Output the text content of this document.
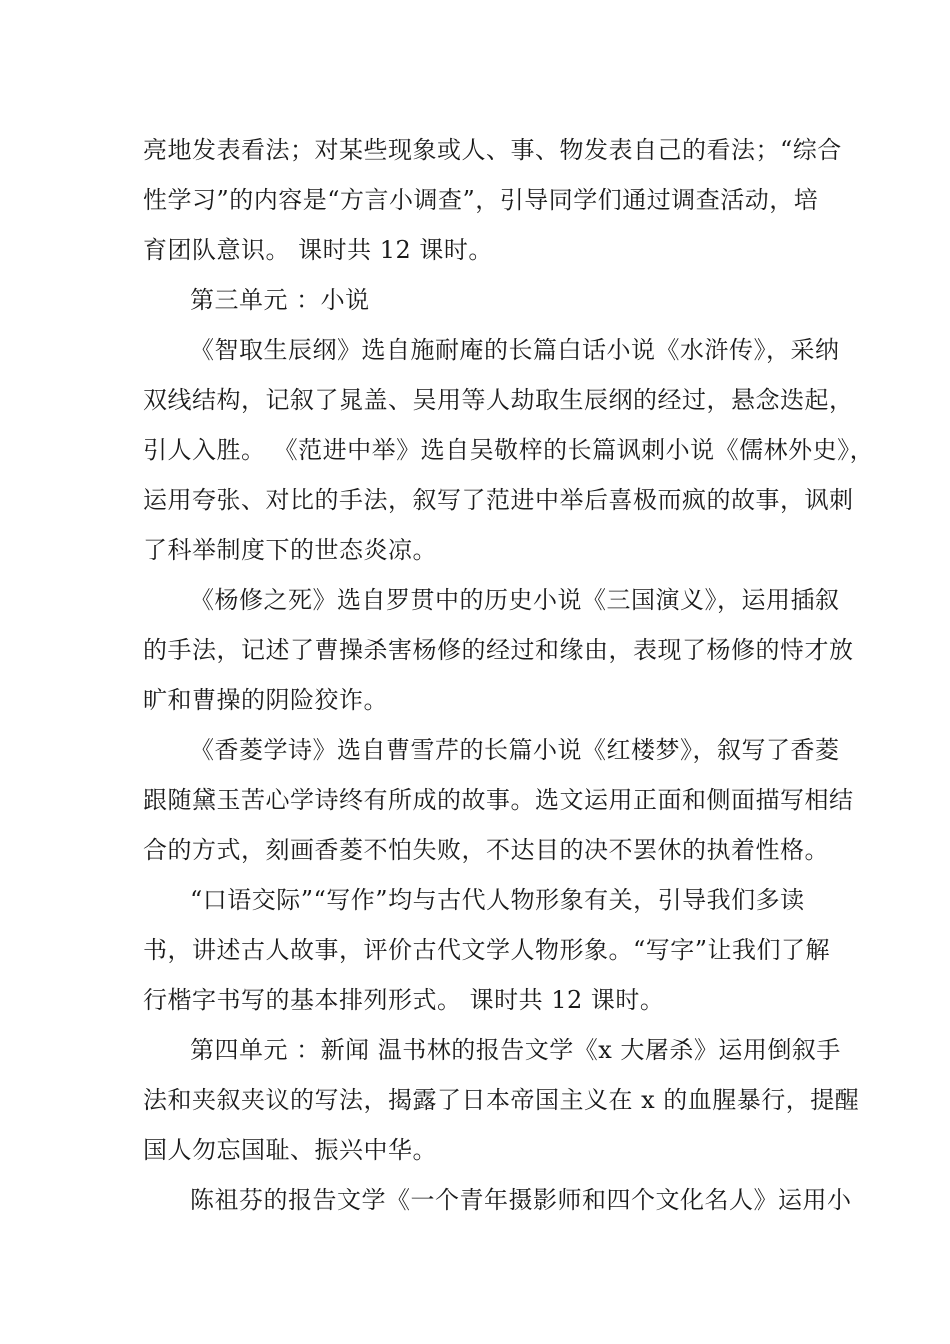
亮地发表看法；对某些现象或人、事、物发表自己的看法；“综合
性学习”的内容是“方言小调查”，引导同学们通过调查活动，培
育团队意识。 课时共 12 课时。
第三单元 ：小说
《智取生辰纲》选自施耐庵的长篇白话小说《水浒传》，采纳
双线结构，记叙了晁盖、吴用等人劫取生辰纲的经过，悬念迭起，
引人入胜。 《范进中举》选自吴敬梓的长篇讽刺小说《儒林外史》，
运用夸张、对比的手法，叙写了范进中举后喜极而疯的故事，讽刺
了科举制度下的世态炎凉。
《杨修之死》选自罗贯中的历史小说《三国演义》，运用插叙
的手法，记述了曹操杀害杨修的经过和缘由，表现了杨修的恃才放
旷和曹操的阴险狡诈。
《香菱学诗》选自曹雪芹的长篇小说《红楼梦》，叙写了香菱
跟随黛玉苦心学诗终有所成的故事。选文运用正面和侧面描写相结
合的方式，刻画香菱不怕失败，不达目的决不罢休的执着性格。
“口语交际”“写作”均与古代人物形象有关，引导我们多读
书，讲述古人故事，评价古代文学人物形象。“写字”让我们了解
行楷字书写的基本排列形式。 课时共 12 课时。
第四单元 ：新闻 温书林的报告文学《x 大屠杀》运用倒叙手
法和夹叙夹议的写法，揭露了日本帝国主义在 x 的血腥暴行，提醒
国人勿忘国耻、振兴中华。
陈祖芬的报告文学《一个青年摄影师和四个文化名人》运用小
